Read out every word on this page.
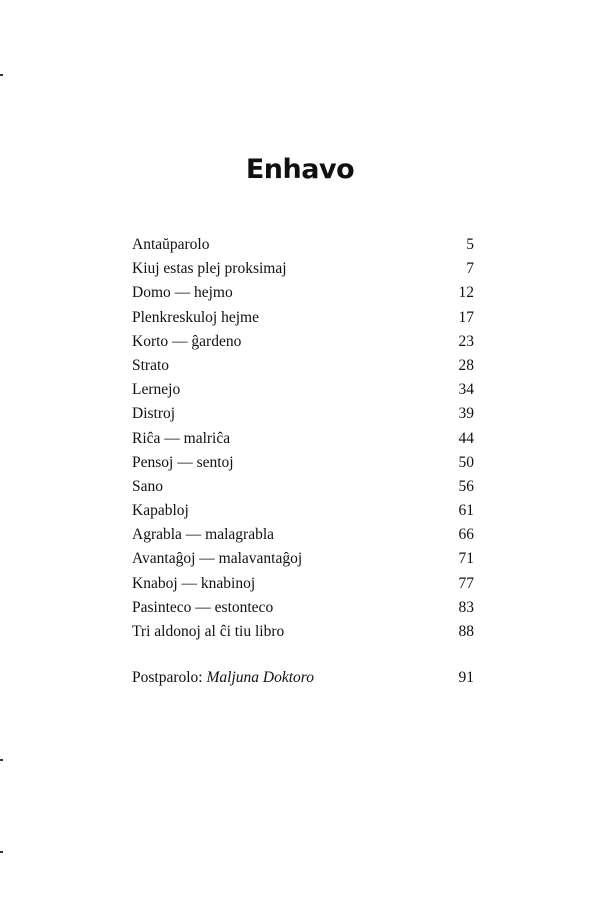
Enhavo
Antaŭparolo	5
Kiuj estas plej proksimaj	7
Domo — hejmo	12
Plenkreskuloj hejme	17
Korto — ĝardeno	23
Strato	28
Lernejo	34
Distroj	39
Riĉa — malriĉa	44
Pensoj — sentoj	50
Sano	56
Kapabloj	61
Agrabla — malagrabla	66
Avantaĝoj — malavantaĝoj	71
Knaboj — knabinoj	77
Pasinteco — estonteco	83
Tri aldonoj al ĉi tiu libro	88
Postparolo: Maljuna Doktoro	91
